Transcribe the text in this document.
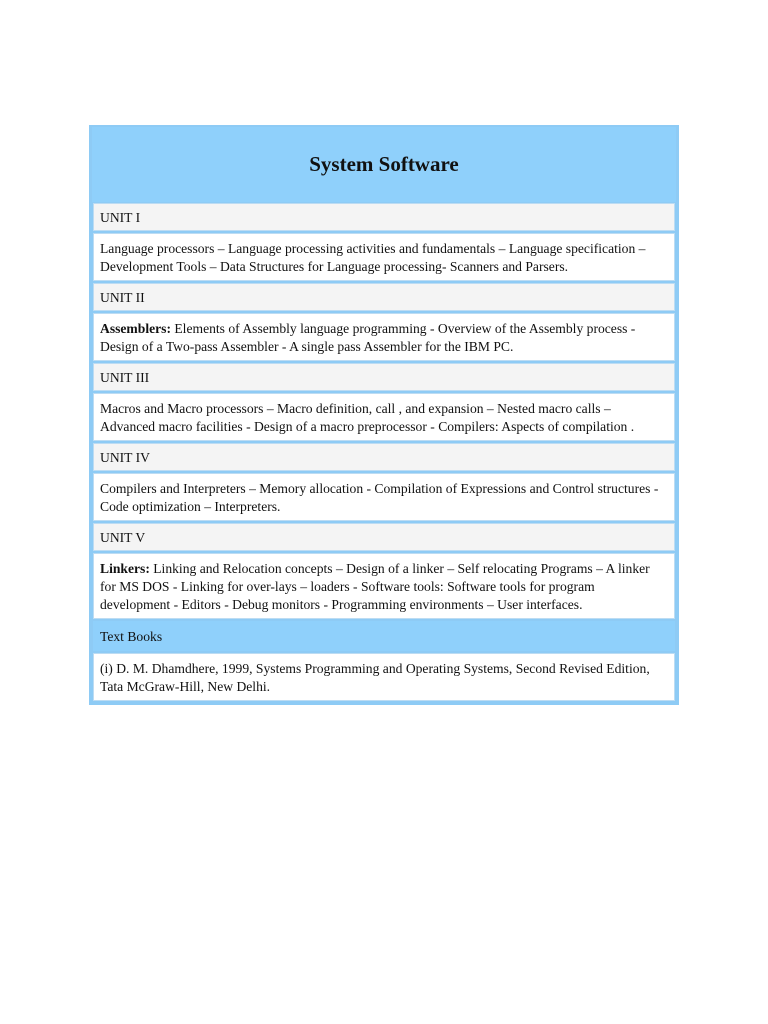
System Software
UNIT I
Language processors – Language processing activities and fundamentals – Language specification – Development Tools – Data Structures for Language processing- Scanners and Parsers.
UNIT II
Assemblers: Elements of Assembly language programming - Overview of the Assembly process - Design of a Two-pass Assembler - A single pass Assembler for the IBM PC.
UNIT III
Macros and Macro processors – Macro definition, call , and expansion – Nested macro calls – Advanced macro facilities - Design of a macro preprocessor - Compilers: Aspects of compilation .
UNIT IV
Compilers and Interpreters – Memory allocation - Compilation of Expressions and Control structures - Code optimization – Interpreters.
UNIT V
Linkers: Linking and Relocation concepts – Design of a linker – Self relocating Programs – A linker for MS DOS - Linking for over-lays – loaders - Software tools: Software tools for program development - Editors - Debug monitors - Programming environments – User interfaces.
Text Books
(i) D. M. Dhamdhere, 1999, Systems Programming and Operating Systems, Second Revised Edition, Tata McGraw-Hill, New Delhi.
